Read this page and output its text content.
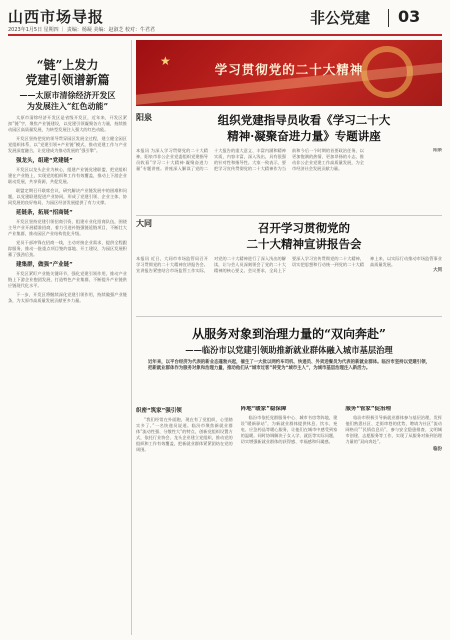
山西市场导报
2023年1月5日 星期四 ｜ 责编：杨凝 美编：赵淑芝 校对：牛君君
非公党建 03
“链”上发力
党建引领谱新篇
——太原市清徐经济开发区
为发展注入“红色动能”

太原市清徐经济开发区是省级开发区，近年来，开发区紧扣“链”字，聚焦产业链建设，以党建引领凝聚各方力量，持续推动园区高质量发展，为转型发展注入强大的红色动能。

开发区坚持把党的领导贯穿园区发展全过程，建立健全园区党组织体系，以“党建引领+产业链”模式，推动党建工作与产业发展深度融合，让党建成为推动发展的“强引擎”。

强龙头，组建“党建链”

开发区以龙头企业为核心，组建产业链党建联盟，把党组织建在产业链上，实现党的组织和工作有效覆盖，推动上下游企业联动发展，共享资源，共促发展。

联盟定期召开联席会议，研究解决产业链发展中的困难和问题，以党建联建促进产业协同，形成了党建引领、企业主体、协同发展的良好格局，为园区经济发展提供了有力支撑。

延链条，拓展“招商链”

开发区坚持党建引领招商引资，组建专业化招商队伍，围绕主导产业开展精准招商，着力引进补链强链延链项目，不断壮大产业集群，推动园区产业结构优化升级。

党员干部冲锋在招商一线，主动对接企业需求，提供全程跟踪服务，推动一批重点项目签约落地、开工建设，为园区发展积蓄了强劲后劲。

建集群，做强“产业链”

开发区紧盯产业链关键环节，强化党建引领作用，推动产业链上下游企业抱团发展，打造特色产业集群，不断提升产业链供应链现代化水平。

下一步，开发区将继续深化党建引领作用，持续做强产业链条，为太原市高质量发展贡献更多力量。

★
学习贯彻党的二十大精神
阳泉	组织党建指导员收看《学习二十大
精神·凝聚奋进力量》专题讲座

本报讯 为深入学习贯彻党的二十大精神，阳泉市非公企业党委组织党建指导员收看“学习二十大精神·凝聚奋进力量”专题讲座。讲座深入解读了党的二十大报告的重大意义、丰富内涵和精神实质，内容丰富，深入浅出，具有很强的针对性和指导性。大家一致表示，要把学习宣传贯彻党的二十大精神作为当前和今后一个时期的首要政治任务，以更加饱满的热情、更加昂扬的斗志，推动非公企业党建工作高质量发展，为全市经济社会发展贡献力量。

阳泉

大同	召开学习贯彻党的
二十大精神宣讲报告会

本报讯 近日，大同市市场监管局召开学习贯彻党的二十大精神宣讲报告会。宣讲报告紧密结合市场监管工作实际，对党的二十大精神进行了深入浅出的解读，让与会人员深刻领会了党的二十大精神的核心要义。会议要求，全局上下要深入学习宣传贯彻党的二十大精神，切实把思想和行动统一到党的二十大精神上来，以实际行动推动市场监管事业高质量发展。

大同

从服务对象到治理力量的“双向奔赴”
——临汾市以党建引领助推新就业群体融入城市基层治理
近年来，以平台经济为代表的新业态蓬勃兴起，催生了一大批以网约车司机、快递员、外卖送餐员为代表的新就业群体。临汾市坚持以党建引领，把新就业群体作为服务对象和治理力量，推动他们从“城市过客”转变为“城市主人”，为城市基层治理注入新活力。
织密“筑家”强引领

“我们经常在外面跑，现在有了党组织，心里踏实多了。”一名快递员说道。临汾市聚焦新就业群体“流动性强、分散性大”的特点，创新党组织设置方式，依托行业协会、龙头企业建立党组织，推动党的组织和工作有效覆盖，把新就业群体紧紧团结在党的周围。

阵地“暖家”稳保障

临汾市依托党群服务中心、城市书房等阵地，建设“暖新驿站”，为新就业群体提供休息、饮水、充电、应急药品等暖心服务，让他们在城市中感受到家的温暖。同时协调解决子女入学、就医等实际问题，切实增强新就业群体的获得感、幸福感和归属感。

服务“管家”促治理

临汾市积极引导新就业群体参与基层治理，发挥他们熟悉社区、走街串巷的优势，聘请为社区“流动网格员”“民情信息员”，参与安全隐患排查、文明城市创建、志愿服务等工作，实现了从服务对象到治理力量的“双向奔赴”。

临汾
